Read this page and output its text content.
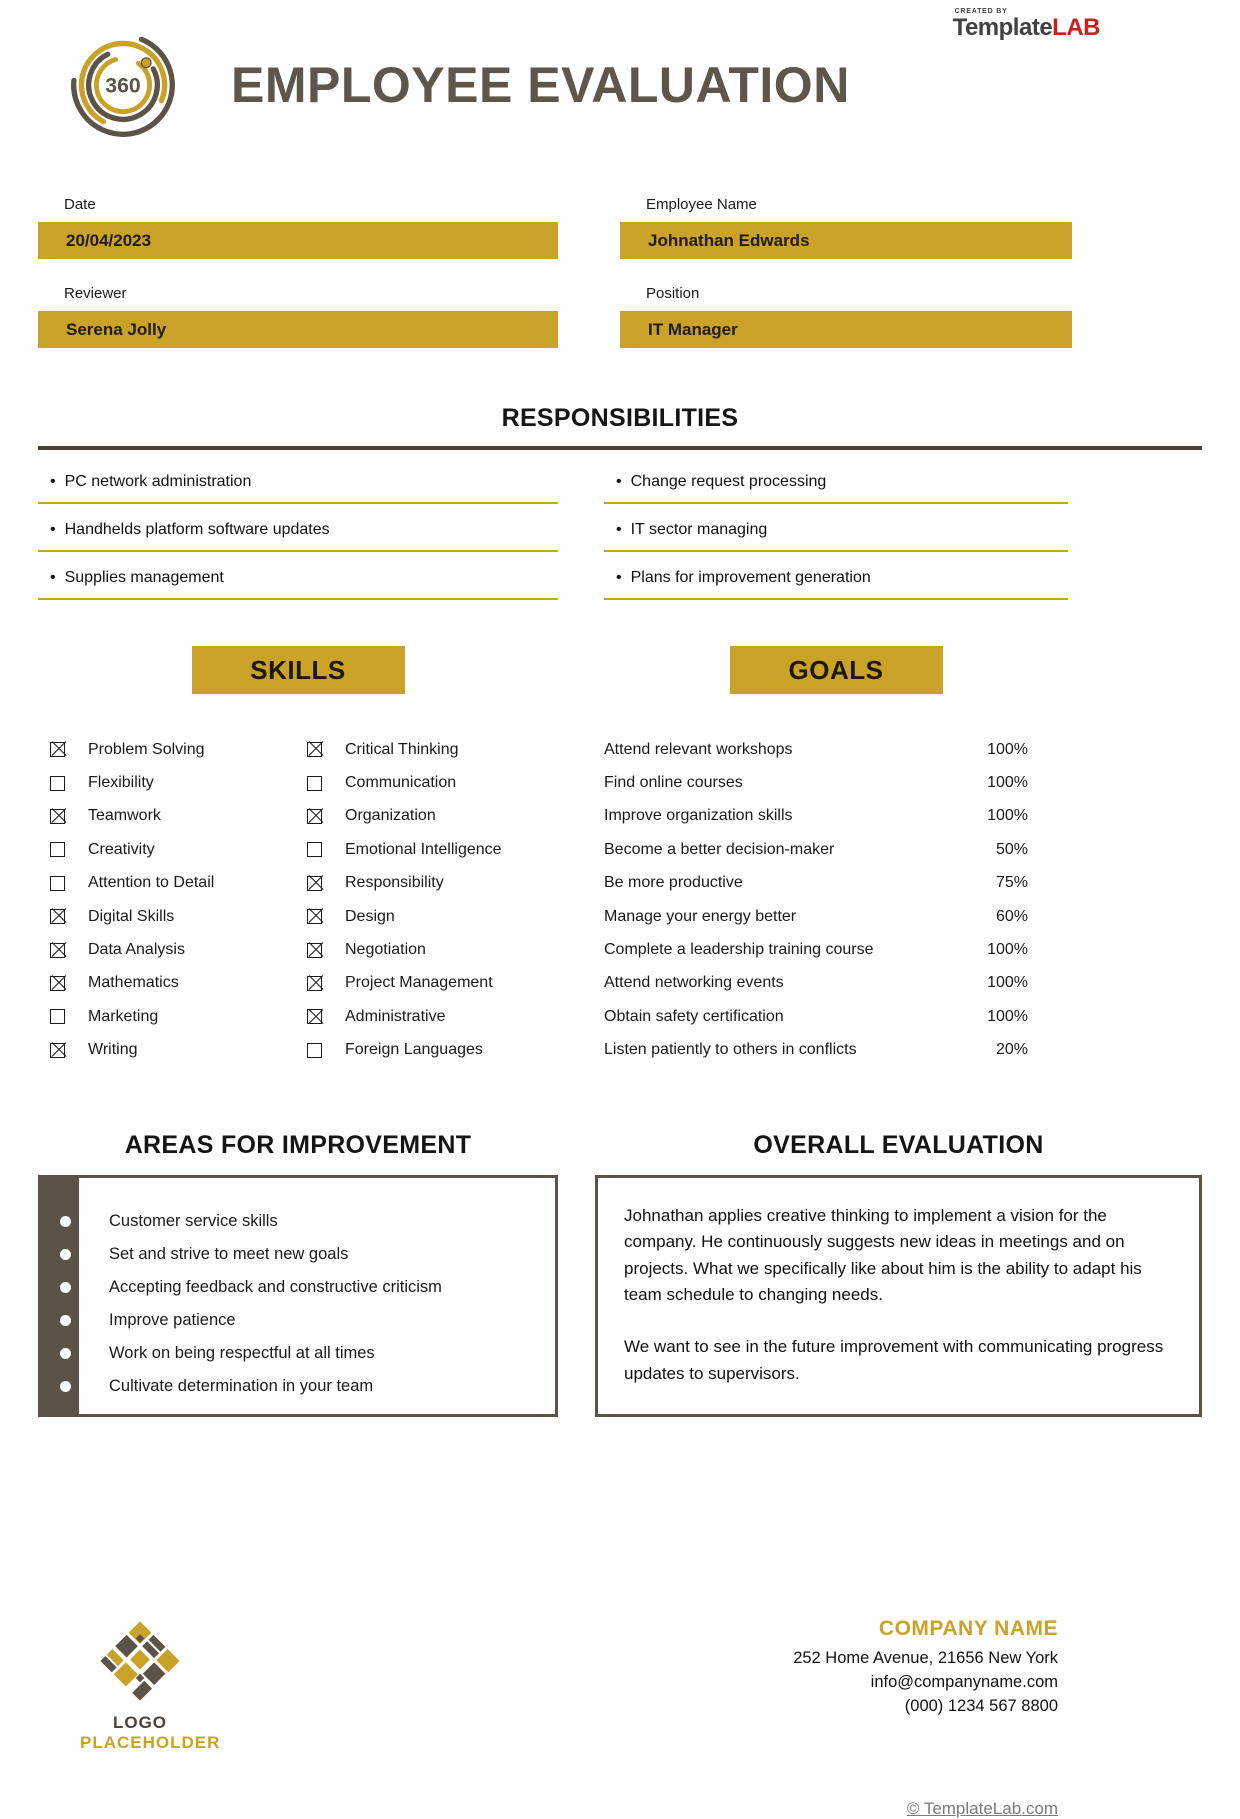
CREATED BY
TemplateLAB
360 EMPLOYEE EVALUATION
Date
20/04/2023
Employee Name
Johnathan Edwards
Reviewer
Serena Jolly
Position
IT Manager
RESPONSIBILITIES
• PC network administration
• Handhelds platform software updates
• Supplies management
• Change request processing
• IT sector managing
• Plans for improvement generation
SKILLS
Problem Solving
Flexibility
Teamwork
Creativity
Attention to Detail
Digital Skills
Data Analysis
Mathematics
Marketing
Writing
Critical Thinking
Communication
Organization
Emotional Intelligence
Responsibility
Design
Negotiation
Project Management
Administrative
Foreign Languages
GOALS
Attend relevant workshops	100%
Find online courses	100%
Improve organization skills	100%
Become a better decision-maker	50%
Be more productive	75%
Manage your energy better	60%
Complete a leadership training course	100%
Attend networking events	100%
Obtain safety certification	100%
Listen patiently to others in conflicts	20%
AREAS FOR IMPROVEMENT
Customer service skills
Set and strive to meet new goals
Accepting feedback and constructive criticism
Improve patience
Work on being respectful at all times
Cultivate determination in your team
OVERALL EVALUATION

Johnathan applies creative thinking to implement a vision for the company. He continuously suggests new ideas in meetings and on projects. What we specifically like about him is the ability to adapt his team schedule to changing needs.

We want to see in the future improvement with communicating progress updates to supervisors.

LOGO
PLACEHOLDER
COMPANY NAME
252 Home Avenue, 21656 New York
info@companyname.com
(000) 1234 567 8800
© TemplateLab.com
